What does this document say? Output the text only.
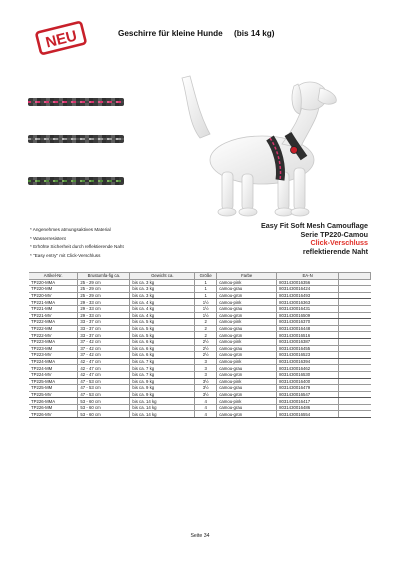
NEU	Geschirre für kleine Hunde     (bis 14 kg)
* Angenehmes atmungsaktives Material
* Wasserresistent
* Erhöhte Sicherheit durch reflektierende Naht
* "Easy entry" mit Click-Verschluss
Easy Fit Soft Mesh Camouflage
Serie TP220-Camou
Click-Verschluss
reflektierende Naht
Artikel-Nr.	Brustumfa-fig ca.	Gewicht ca.	Größe	Farbe	EA-N	
TP220-MMA	25 - 29 cm	bis ca. 3 kg	1	camou-pink	8031430016356	
TP220-MM	25 - 29 cm	bis ca. 3 kg	1	camou-grau	8031430016424	
TP220-MV	25 - 29 cm	bis ca. 3 kg	1	camou-grün	8031430016493	
TP221-MMA	29 - 33 cm	bis ca. 4 kg	1½	camou-pink	8031430016363	
TP221-MM	29 - 33 cm	bis ca. 4 kg	1½	camou-grau	8031430016431	
TP221-MV	29 - 33 cm	bis ca. 4 kg	1½	camou-grün	8031430016509	
TP222-MMA	33 - 37 cm	bis ca. 5 kg	2	camou-pink	8031430016370	
TP222-MM	33 - 37 cm	bis ca. 5 kg	2	camou-grau	8031430016448	
TP222-MV	33 - 37 cm	bis ca. 5 kg	2	camou-grün	8031430016516	
TP223-MMA	37 - 42 cm	bis ca. 6 kg	2½	camou-pink	8031430016387	
TP223-MM	37 - 42 cm	bis ca. 6 kg	2½	camou-grau	8031430016455	
TP223-MV	37 - 42 cm	bis ca. 6 kg	2½	camou-grün	8031430016523	
TP224-MMA	42 - 47 cm	bis ca. 7 kg	3	camou-pink	8031430016394	
TP224-MM	42 - 47 cm	bis ca. 7 kg	3	camou-grau	8031430016462	
TP224-MV	42 - 47 cm	bis ca. 7 kg	3	camou-grün	8031430016530	
TP225-MMA	47 - 53 cm	bis ca. 9 kg	3½	camou-pink	8031430016400	
TP225-MM	47 - 53 cm	bis ca. 9 kg	3½	camou-grau	8031430016479	
TP225-MV	47 - 53 cm	bis ca. 9 kg	3½	camou-grün	8031430016547	
TP226-MMA	53 - 60 cm	bis ca. 14 kg	4	camou-pink	8031430016417	
TP226-MM	53 - 60 cm	bis ca. 14 kg	4	camou-grau	8031430016486	
TP226-MV	53 - 60 cm	bis ca. 14 kg	4	camou-grün	8031430016554	
Seite 34
